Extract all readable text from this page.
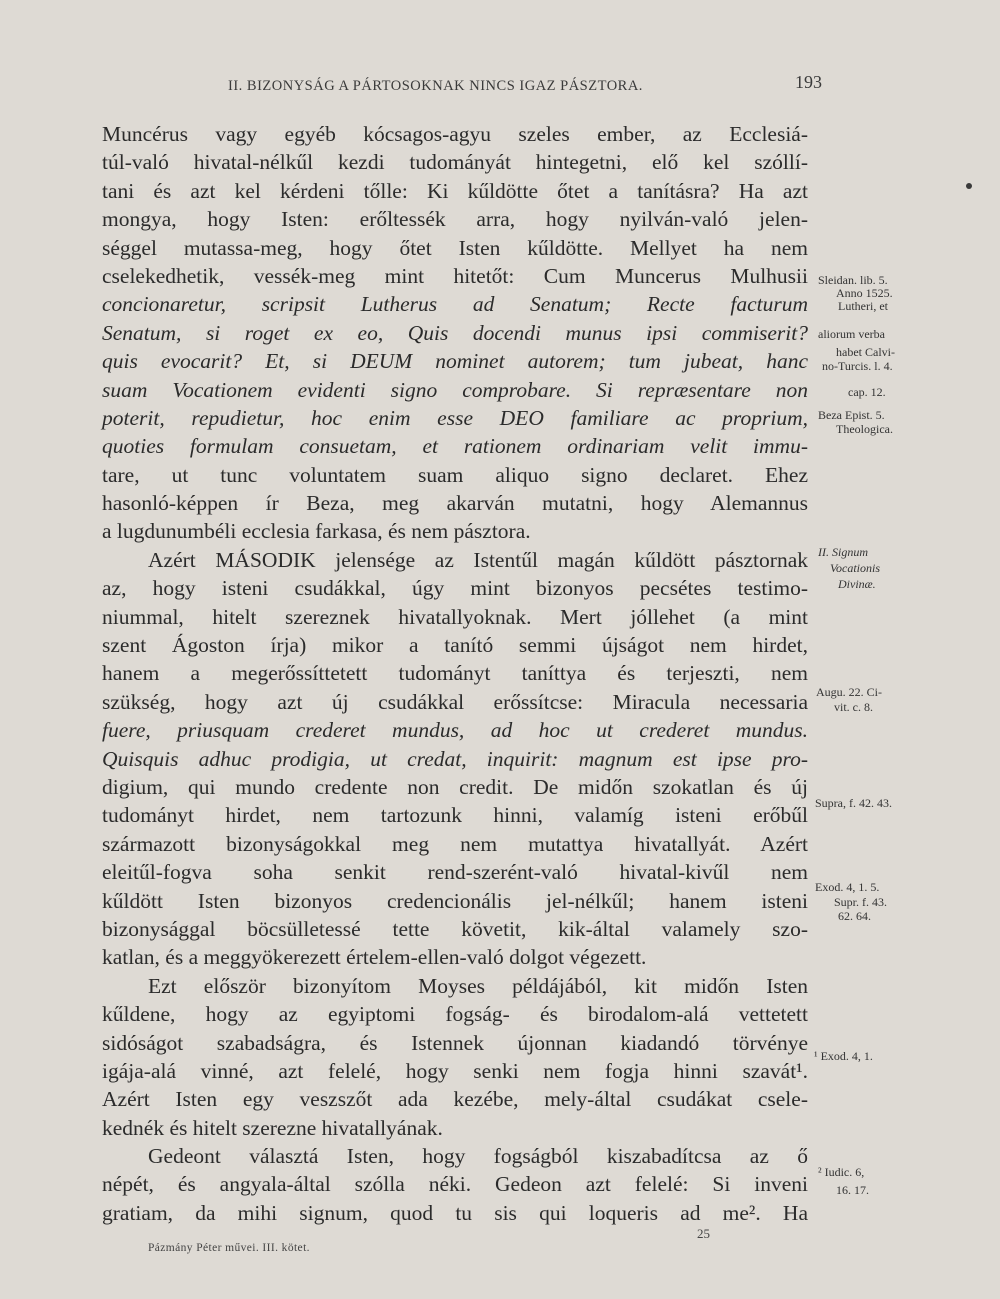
II. BIZONYSÁG A PÁRTOSOKNAK NINCS IGAZ PÁSZTORA.	193
Muncérus vagy egyéb kócsagos-agyu szeles ember, az Ecclesiá-
túl-való hivatal-nélkűl kezdi tudományát hintegetni, elő kel szóllí-
tani és azt kel kérdeni tőlle: Ki kűldötte őtet a tanításra? Ha azt
mongya, hogy Isten: erőltessék arra, hogy nyilván-való jelen-
séggel mutassa-meg, hogy őtet Isten kűldötte. Mellyet ha nem
cselekedhetik, vessék-meg mint hitetőt: Cum Muncerus Mulhusii
concionaretur, scripsit Lutherus ad Senatum; Recte facturum
Senatum, si roget ex eo, Quis docendi munus ipsi commiserit?
quis evocarit? Et, si DEUM nominet autorem; tum jubeat, hanc
suam Vocationem evidenti signo comprobare. Si repræsentare non
poterit, repudietur, hoc enim esse DEO familiare ac proprium,
quoties formulam consuetam, et rationem ordinariam velit immu-
tare, ut tunc voluntatem suam aliquo signo declaret. Ehez
hasonló-képpen ír Beza, meg akarván mutatni, hogy Alemannus
a lugdunumbéli ecclesia farkasa, és nem pásztora.
Azért MÁSODIK jelensége az Istentűl magán kűldött pásztornak
az, hogy isteni csudákkal, úgy mint bizonyos pecsétes testimo-
niummal, hitelt szereznek hivatallyoknak. Mert jóllehet (a mint
szent Ágoston írja) mikor a tanító semmi újságot nem hirdet,
hanem a megerőssíttetett tudományt taníttya és terjeszti, nem
szükség, hogy azt új csudákkal erőssítcse: Miracula necessaria
fuere, priusquam crederet mundus, ad hoc ut crederet mundus.
Quisquis adhuc prodigia, ut credat, inquirit: magnum est ipse pro-
digium, qui mundo credente non credit. De midőn szokatlan és új
tudományt hirdet, nem tartozunk hinni, valamíg isteni erőbűl
származott bizonyságokkal meg nem mutattya hivatallyát. Azért
eleitűl-fogva soha senkit rend-szerént-való hivatal-kivűl nem
kűldött Isten bizonyos credencionális jel-nélkűl; hanem isteni
bizonysággal böcsülletessé tette követit, kik-által valamely szo-
katlan, és a meggyökerezett értelem-ellen-való dolgot végezett.
Ezt először bizonyítom Moyses példájából, kit midőn Isten
kűldene, hogy az egyiptomi fogság- és birodalom-alá vettetett
sidóságot szabadságra, és Istennek újonnan kiadandó törvénye
igája-alá vinné, azt felelé, hogy senki nem fogja hinni szavát¹.
Azért Isten egy veszszőt ada kezébe, mely-által csudákat csele-
kednék és hitelt szerezne hivatallyának.
Gedeont választá Isten, hogy fogságból kiszabadítcsa az ő
népét, és angyala-által szólla néki. Gedeon azt felelé: Si inveni
gratiam, da mihi signum, quod tu sis qui loqueris ad me². Ha
Sleidan. lib. 5.
Anno 1525.
Lutheri, et
aliorum verba
habet Calvi-
no-Turcis. l. 4.
cap. 12.
Beza Epist. 5.
Theologica.
II. Signum
Vocationis
Divinæ.
Augu. 22. Ci-
vit. c. 8.
Supra, f. 42. 43.
Exod. 4, 1. 5.
Supr. f. 43.
62. 64.
¹ Exod. 4, 1.
² Iudic. 6,
16. 17.
25
Pázmány Péter művei. III. kötet.
